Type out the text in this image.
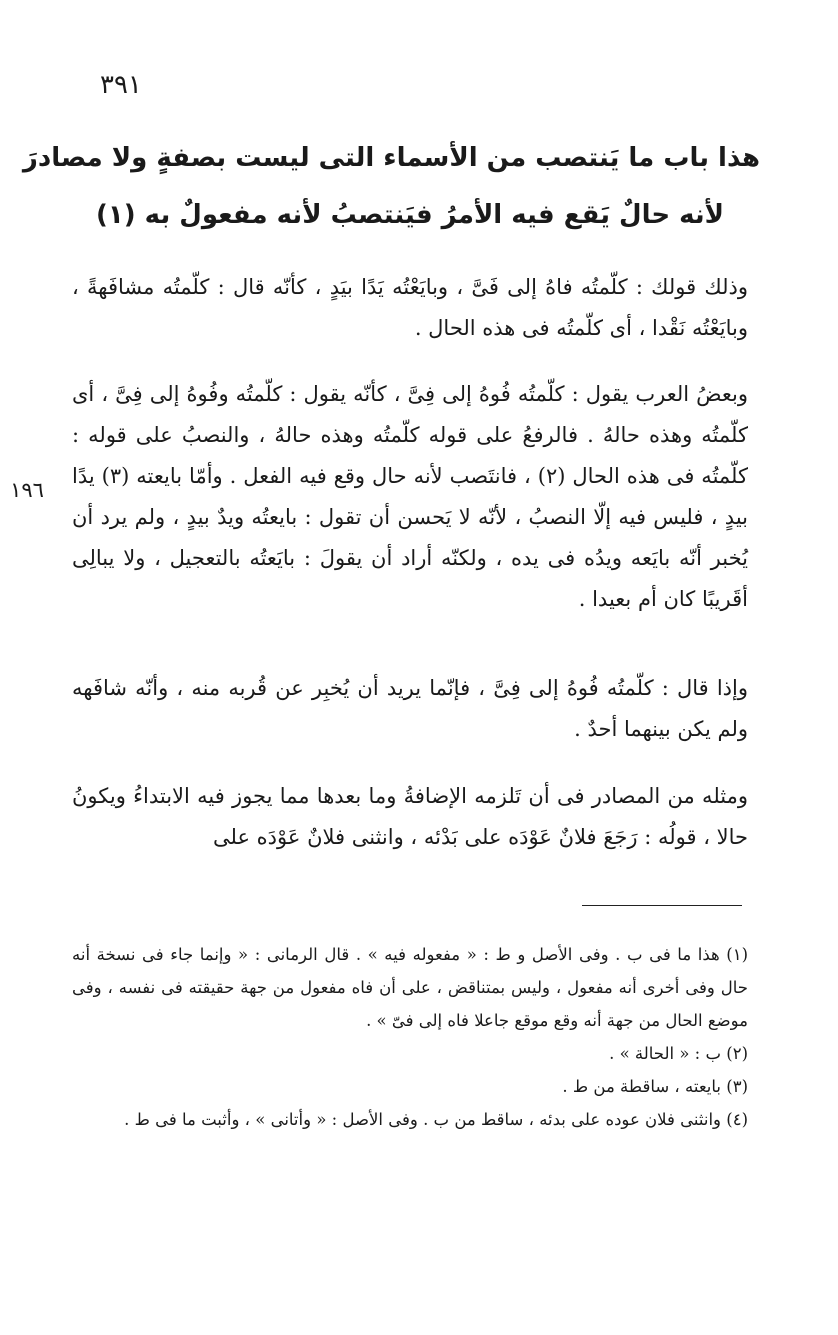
٣٩١
هذا باب ما يَنتصب من الأسماء التى ليست بصفةٍ ولا مصادرَ
لأنه حالٌ يَقع فيه الأمرُ فيَنتصبُ لأنه مفعولٌ به (١)
١٩٦

وذلك قولك : كلّمتُه فاهُ إلى فَىَّ ، وبايَعْتُه يَدًا بيَدٍ ، كأنّه قال : كلّمتُه مشافَهةً ، وبايَعْتُه نَقْدا ، أى كلّمتُه فى هذه الحال .

وبعضُ العرب يقول : كلّمتُه فُوهُ إلى فِىَّ ، كأنّه يقول : كلّمتُه وفُوهُ إلى فِىَّ ، أى كلّمتُه وهذه حالهُ . فالرفعُ على قوله كلّمتُه وهذه حالهُ ، والنصبُ على قوله : كلّمتُه فى هذه الحال (٢) ، فانتَصب لأنه حال وقع فيه الفعل . وأمّا بايعته (٣) يدًا بيدٍ ، فليس فيه إلّا النصبُ ، لأنّه لا يَحسن أن تقول : بايعتُه ويدٌ بيدٍ ، ولم يرد أن يُخبر أنّه بايَعه ويدُه فى يده ، ولكنّه أراد أن يقولَ : بايَعتُه بالتعجيل ، ولا يبالِى أقَريبًا كان أم بعيدا .

وإذا قال : كلّمتُه فُوهُ إلى فِىَّ ، فإنّما يريد أن يُخبِر عن قُربه منه ، وأنّه شافَهه ولم يكن بينهما أحدٌ .

ومثله من المصادر فى أن تَلزمه الإضافةُ وما بعدها مما يجوز فيه الابتداءُ ويكونُ حالا ، قولُه : رَجَعَ فلانٌ عَوْدَه على بَدْئه ، وانثنى فلانٌ عَوْدَه على

(١) هذا ما فى ب . وفى الأصل و ط : « مفعوله فيه » . قال الرمانى : « وإنما جاء فى نسخة أنه حال وفى أخرى أنه مفعول ، وليس بمتناقض ، على أن فاه مفعول من جهة حقيقته فى نفسه ، وفى موضع الحال من جهة أنه وقع موقع جاعلا فاه إلى فىّ » .

(٢) ب : « الحالة » .

(٣) بايعته ، ساقطة من ط .

(٤) وانثنى فلان عوده على بدئه ، ساقط من ب . وفى الأصل : « وأتانى » ، وأثبت ما فى ط .
